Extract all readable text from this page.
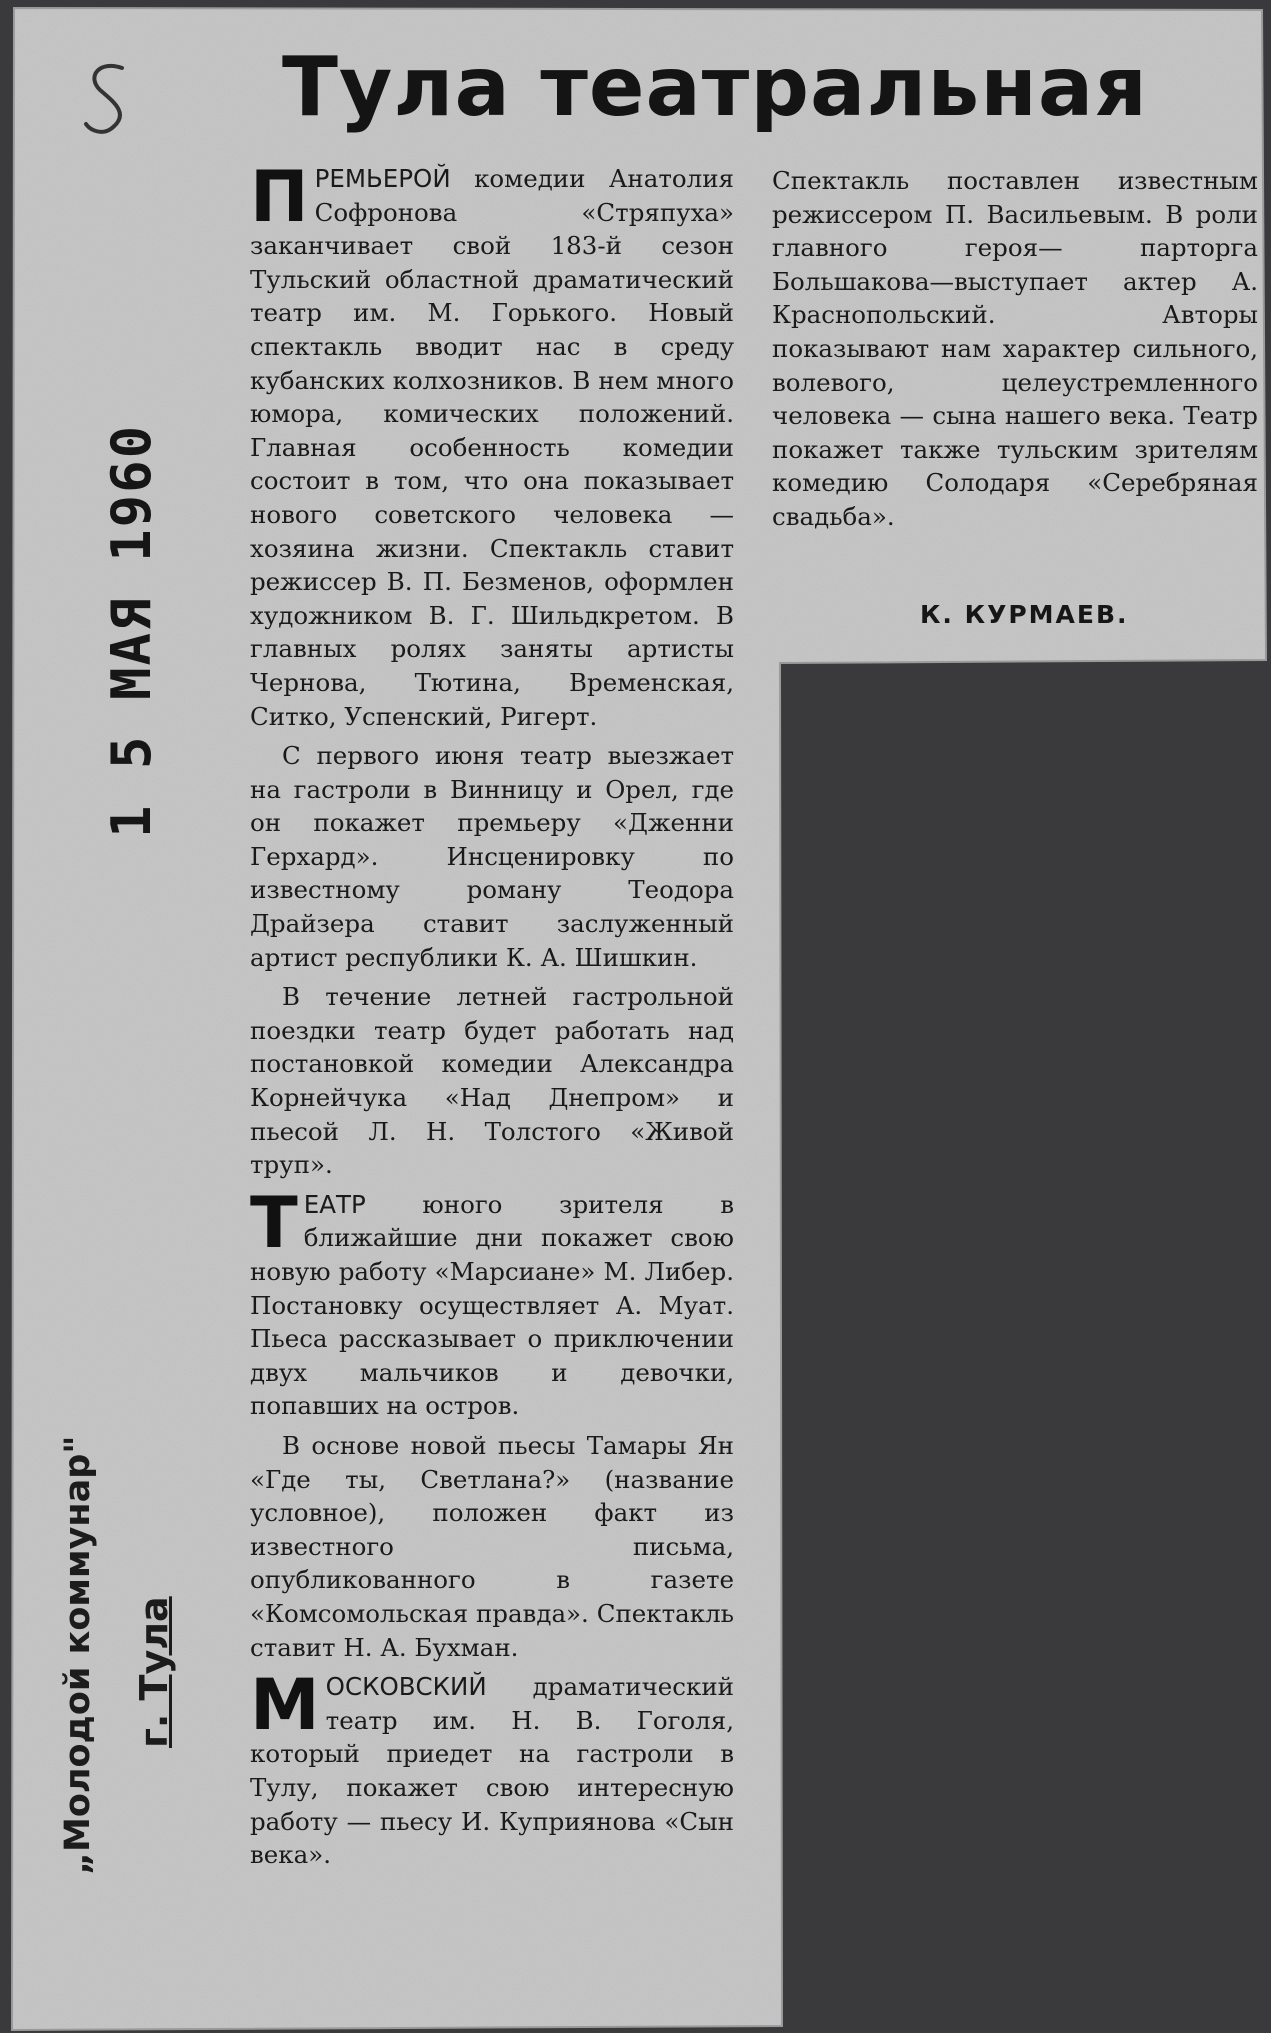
Тула театральная

ПРЕМЬЕРОЙ комедии Анатолия Софронова «Стряпуха» заканчивает свой 183-й сезон Тульский областной драматический театр им. М. Горького. Новый спектакль вводит нас в среду кубанских колхозников. В нем много юмора, комических положений. Главная особенность комедии состоит в том, что она показывает нового советского человека — хозяина жизни. Спектакль ставит режиссер В. П. Безменов, оформлен художником В. Г. Шильдкретом. В главных ролях заняты артисты Чернова, Тютина, Временская, Ситко, Успенский, Ригерт.

С первого июня театр выезжает на гастроли в Винницу и Орел, где он покажет премьеру «Дженни Герхард». Инсценировку по известному роману Теодора Драйзера ставит заслуженный артист республики К. А. Шишкин.

В течение летней гастрольной поездки театр будет работать над постановкой комедии Александра Корнейчука «Над Днепром» и пьесой Л. Н. Толстого «Живой труп».

ТЕАТР юного зрителя в ближайшие дни покажет свою новую работу «Марсиане» М. Либер. Постановку осуществляет А. Муат. Пьеса рассказывает о приключении двух мальчиков и девочки, попавших на остров.

В основе новой пьесы Тамары Ян «Где ты, Светлана?» (название условное), положен факт из известного письма, опубликованного в газете «Комсомольская правда». Спектакль ставит Н. А. Бухман.

МОСКОВСКИЙ драматический театр им. Н. В. Гоголя, который приедет на гастроли в Тулу, покажет свою интересную работу — пьесу И. Куприянова «Сын века».

Спектакль поставлен известным режиссером П. Васильевым. В роли главного героя— парторга Большакова—выступает актер А. Краснопольский. Авторы показывают нам характер сильного, волевого, целеустремленного человека — сына нашего века. Театр покажет также тульским зрителям комедию Солодаря «Серебряная свадьба».

К. КУРМАЕВ.
1 5 МАЯ 1960
„Молодой коммунар" г. Тула
